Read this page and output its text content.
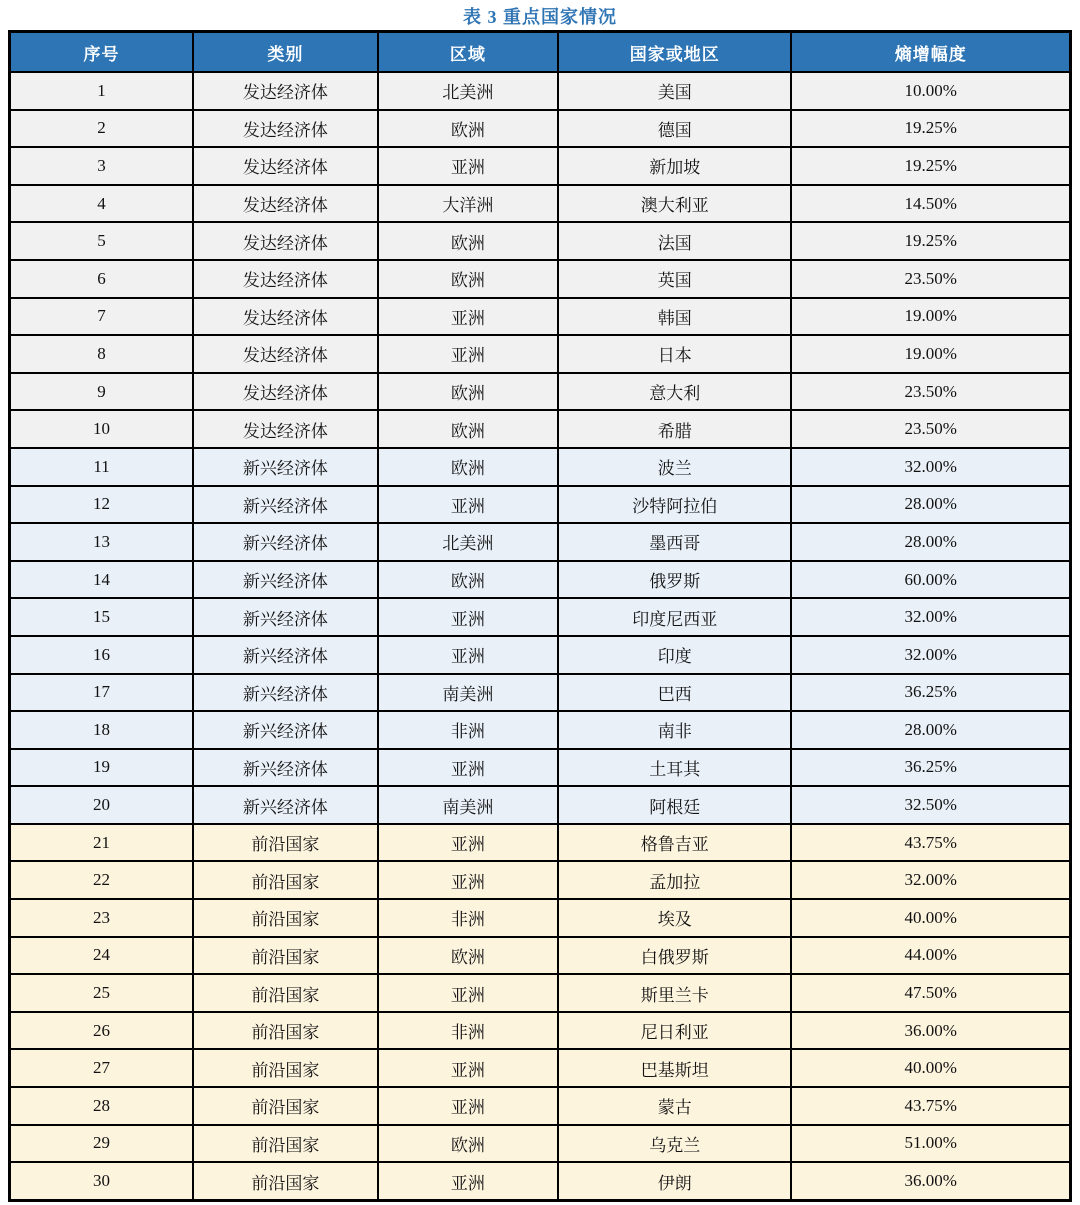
表 3 重点国家情况
序号	类别	区域	国家或地区	熵增幅度
1	发达经济体	北美洲	美国	10.00%
2	发达经济体	欧洲	德国	19.25%
3	发达经济体	亚洲	新加坡	19.25%
4	发达经济体	大洋洲	澳大利亚	14.50%
5	发达经济体	欧洲	法国	19.25%
6	发达经济体	欧洲	英国	23.50%
7	发达经济体	亚洲	韩国	19.00%
8	发达经济体	亚洲	日本	19.00%
9	发达经济体	欧洲	意大利	23.50%
10	发达经济体	欧洲	希腊	23.50%
11	新兴经济体	欧洲	波兰	32.00%
12	新兴经济体	亚洲	沙特阿拉伯	28.00%
13	新兴经济体	北美洲	墨西哥	28.00%
14	新兴经济体	欧洲	俄罗斯	60.00%
15	新兴经济体	亚洲	印度尼西亚	32.00%
16	新兴经济体	亚洲	印度	32.00%
17	新兴经济体	南美洲	巴西	36.25%
18	新兴经济体	非洲	南非	28.00%
19	新兴经济体	亚洲	土耳其	36.25%
20	新兴经济体	南美洲	阿根廷	32.50%
21	前沿国家	亚洲	格鲁吉亚	43.75%
22	前沿国家	亚洲	孟加拉	32.00%
23	前沿国家	非洲	埃及	40.00%
24	前沿国家	欧洲	白俄罗斯	44.00%
25	前沿国家	亚洲	斯里兰卡	47.50%
26	前沿国家	非洲	尼日利亚	36.00%
27	前沿国家	亚洲	巴基斯坦	40.00%
28	前沿国家	亚洲	蒙古	43.75%
29	前沿国家	欧洲	乌克兰	51.00%
30	前沿国家	亚洲	伊朗	36.00%
